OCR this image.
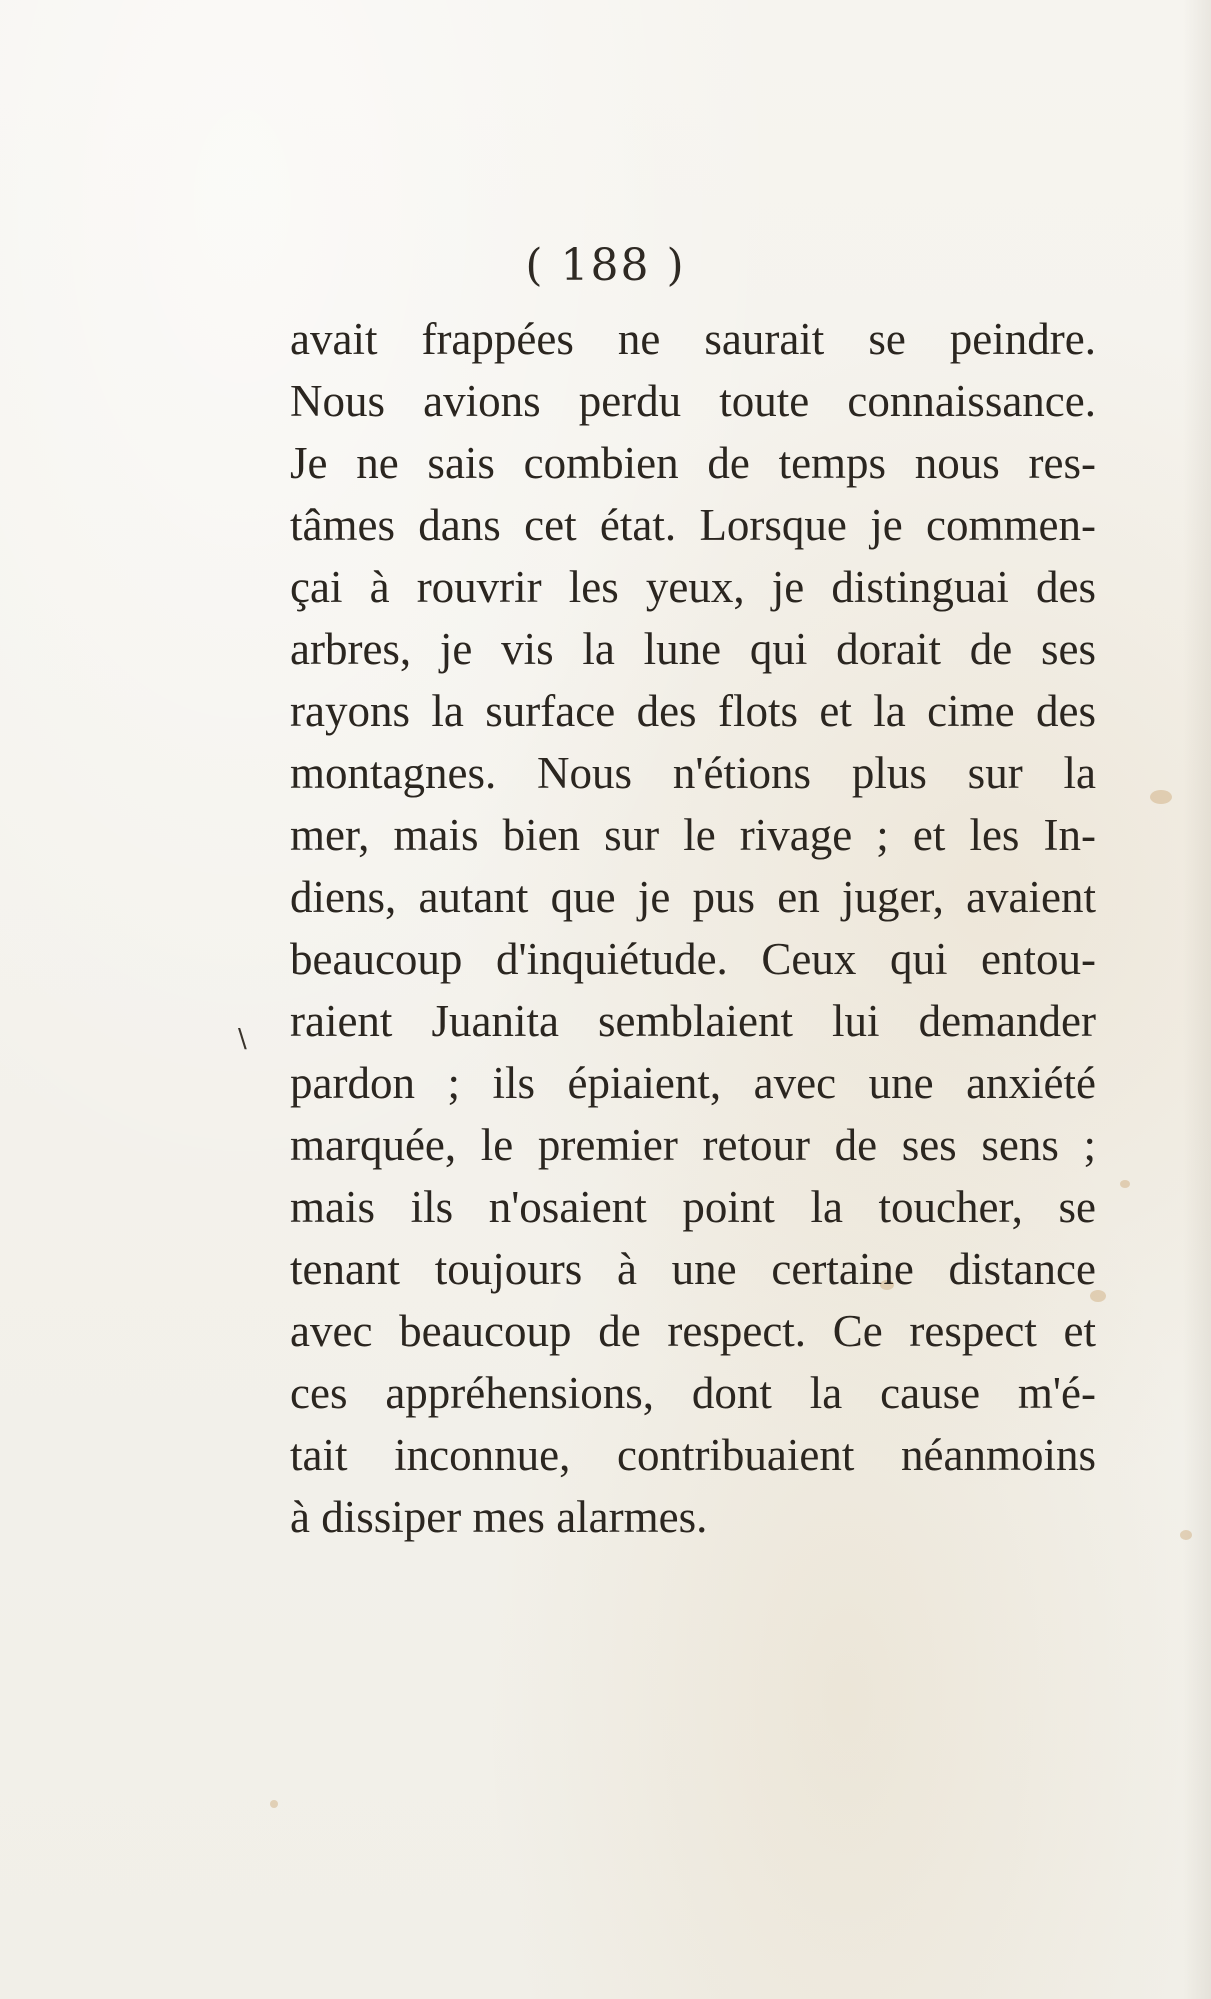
( 188 )
\
avait frappées ne saurait se peindre.
Nous avions perdu toute connaissance.
Je ne sais combien de temps nous res-
tâmes dans cet état. Lorsque je commen-
çai à rouvrir les yeux, je distinguai des
arbres, je vis la lune qui dorait de ses
rayons la surface des flots et la cime des
montagnes. Nous n'étions plus sur la
mer, mais bien sur le rivage ; et les In-
diens, autant que je pus en juger, avaient
beaucoup d'inquiétude. Ceux qui entou-
raient Juanita semblaient lui demander
pardon ; ils épiaient, avec une anxiété
marquée, le premier retour de ses sens ;
mais ils n'osaient point la toucher, se
tenant toujours à une certaine distance
avec beaucoup de respect. Ce respect et
ces appréhensions, dont la cause m'é-
tait inconnue, contribuaient néanmoins
à dissiper mes alarmes.
